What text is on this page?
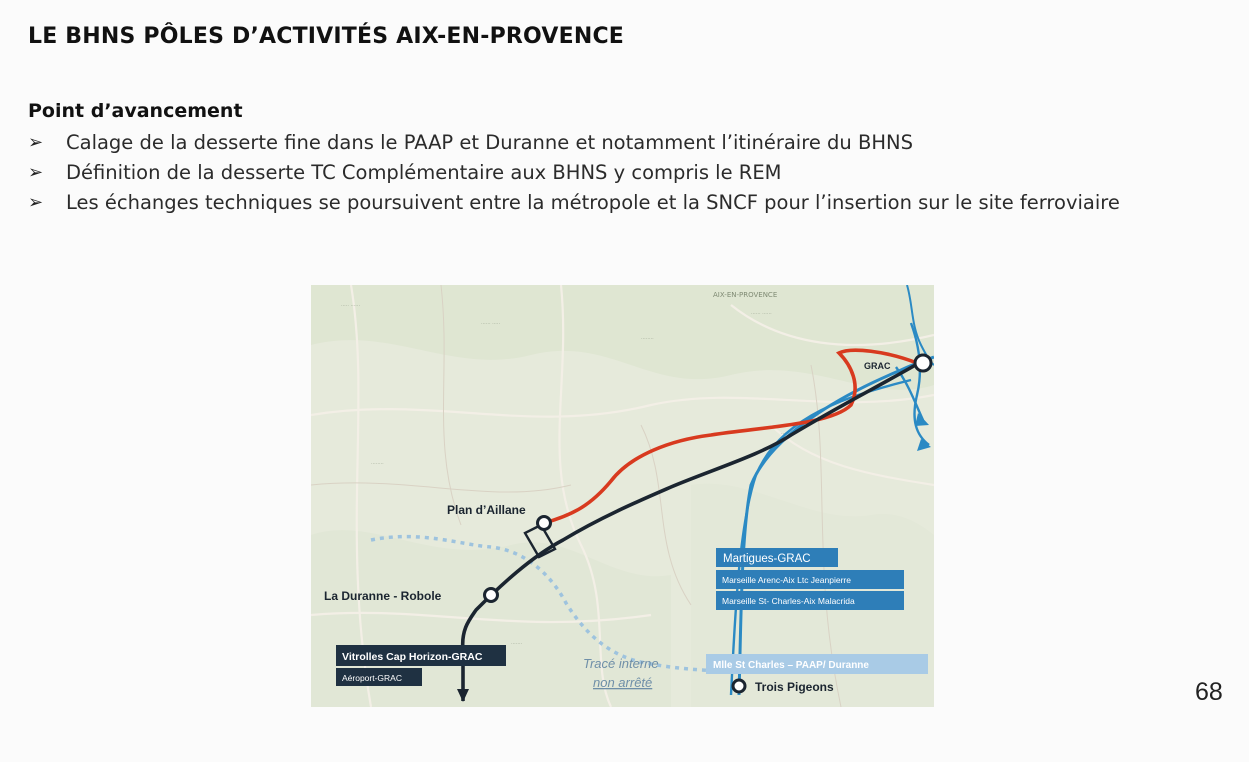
LE BHNS PÔLES D’ACTIVITÉS AIX-EN-PROVENCE
Point d’avancement
➢ Calage de la desserte fine dans le PAAP et Duranne et notamment l’itinéraire du BHNS
➢ Définition de la desserte TC Complémentaire aux BHNS y compris le REM
➢ Les échanges techniques se poursuivent entre la métropole et la SNCF pour l’insertion sur le site ferroviaire
····· ······
······ ·····
········
······ ······
········
······
·······
AIX-EN-PROVENCE
GRAC
Plan d’Aillane
La Duranne - Robole
Trois Pigeons
Martigues-GRAC
Marseille Arenc-Aix Ltc Jeanpierre
Marseille St- Charles-Aix Malacrida
Mlle St Charles – PAAP/ Duranne
Vitrolles Cap Horizon-GRAC
Aéroport-GRAC
Tracé interne
non arrêté	68
